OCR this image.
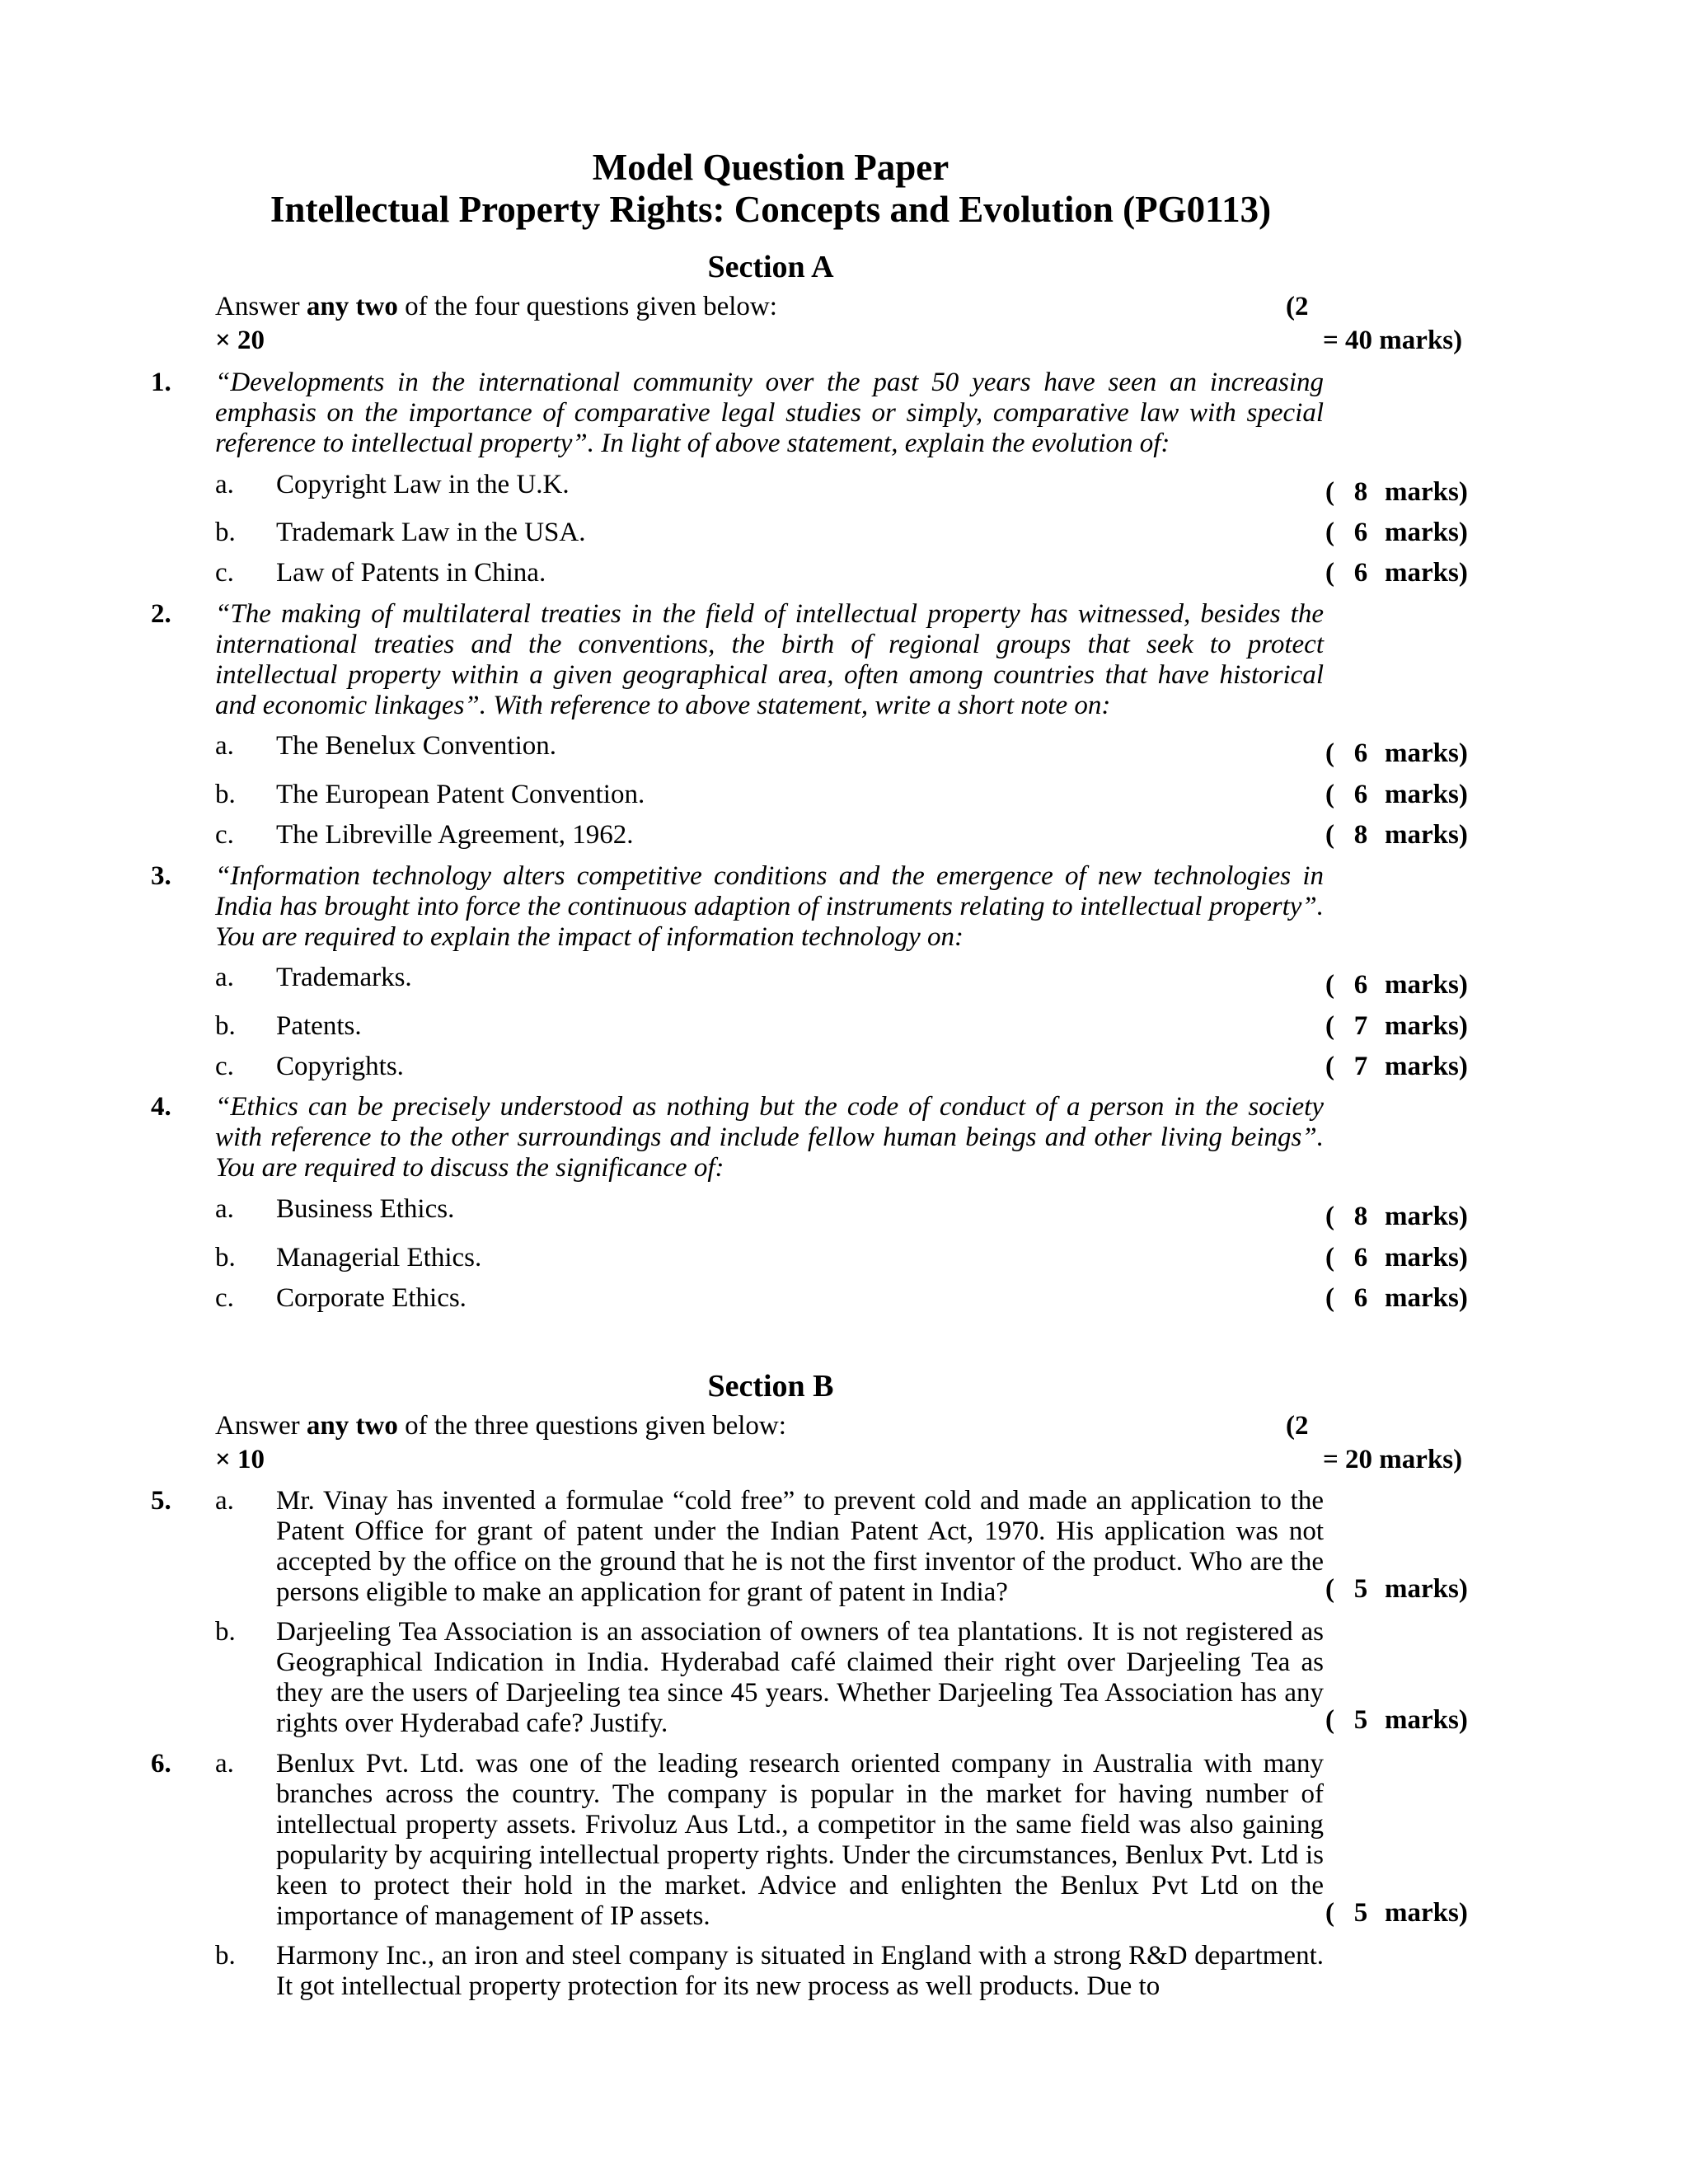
Model Question Paper
Intellectual Property Rights: Concepts and Evolution (PG0113)
Section A
Answer any two of the four questions given below:	(2
× 20	= 40 marks)
1. “Developments in the international community over the past 50 years have seen an increasing emphasis on the importance of comparative legal studies or simply, comparative law with special reference to intellectual property”. In light of above statement, explain the evolution of:
a. Copyright Law in the U.K.	( 8 marks)
b. Trademark Law in the USA.	( 6 marks)
c. Law of Patents in China.	( 6 marks)
2. “The making of multilateral treaties in the field of intellectual property has witnessed, besides the international treaties and the conventions, the birth of regional groups that seek to protect intellectual property within a given geographical area, often among countries that have historical and economic linkages”. With reference to above statement, write a short note on:
a. The Benelux Convention.	( 6 marks)
b. The European Patent Convention.	( 6 marks)
c. The Libreville Agreement, 1962.	( 8 marks)
3. “Information technology alters competitive conditions and the emergence of new technologies in India has brought into force the continuous adaption of instruments relating to intellectual property”. You are required to explain the impact of information technology on:
a. Trademarks.	( 6 marks)
b. Patents.	( 7 marks)
c. Copyrights.	( 7 marks)
4. “Ethics can be precisely understood as nothing but the code of conduct of a person in the society with reference to the other surroundings and include fellow human beings and other living beings”. You are required to discuss the significance of:
a. Business Ethics.	( 8 marks)
b. Managerial Ethics.	( 6 marks)
c. Corporate Ethics.	( 6 marks)
Section B
Answer any two of the three questions given below:	(2
× 10	= 20 marks)
5. a. Mr. Vinay has invented a formulae “cold free” to prevent cold and made an application to the Patent Office for grant of patent under the Indian Patent Act, 1970. His application was not accepted by the office on the ground that he is not the first inventor of the product. Who are the persons eligible to make an application for grant of patent in India?	( 5 marks)
b. Darjeeling Tea Association is an association of owners of tea plantations. It is not registered as Geographical Indication in India. Hyderabad café claimed their right over Darjeeling Tea as they are the users of Darjeeling tea since 45 years. Whether Darjeeling Tea Association has any rights over Hyderabad cafe? Justify.	( 5 marks)
6. a. Benlux Pvt. Ltd. was one of the leading research oriented company in Australia with many branches across the country. The company is popular in the market for having number of intellectual property assets. Frivoluz Aus Ltd., a competitor in the same field was also gaining popularity by acquiring intellectual property rights. Under the circumstances, Benlux Pvt. Ltd is keen to protect their hold in the market. Advice and enlighten the Benlux Pvt Ltd on the importance of management of IP assets.	( 5 marks)
b. Harmony Inc., an iron and steel company is situated in England with a strong R&D department. It got intellectual property protection for its new process as well products. Due to
